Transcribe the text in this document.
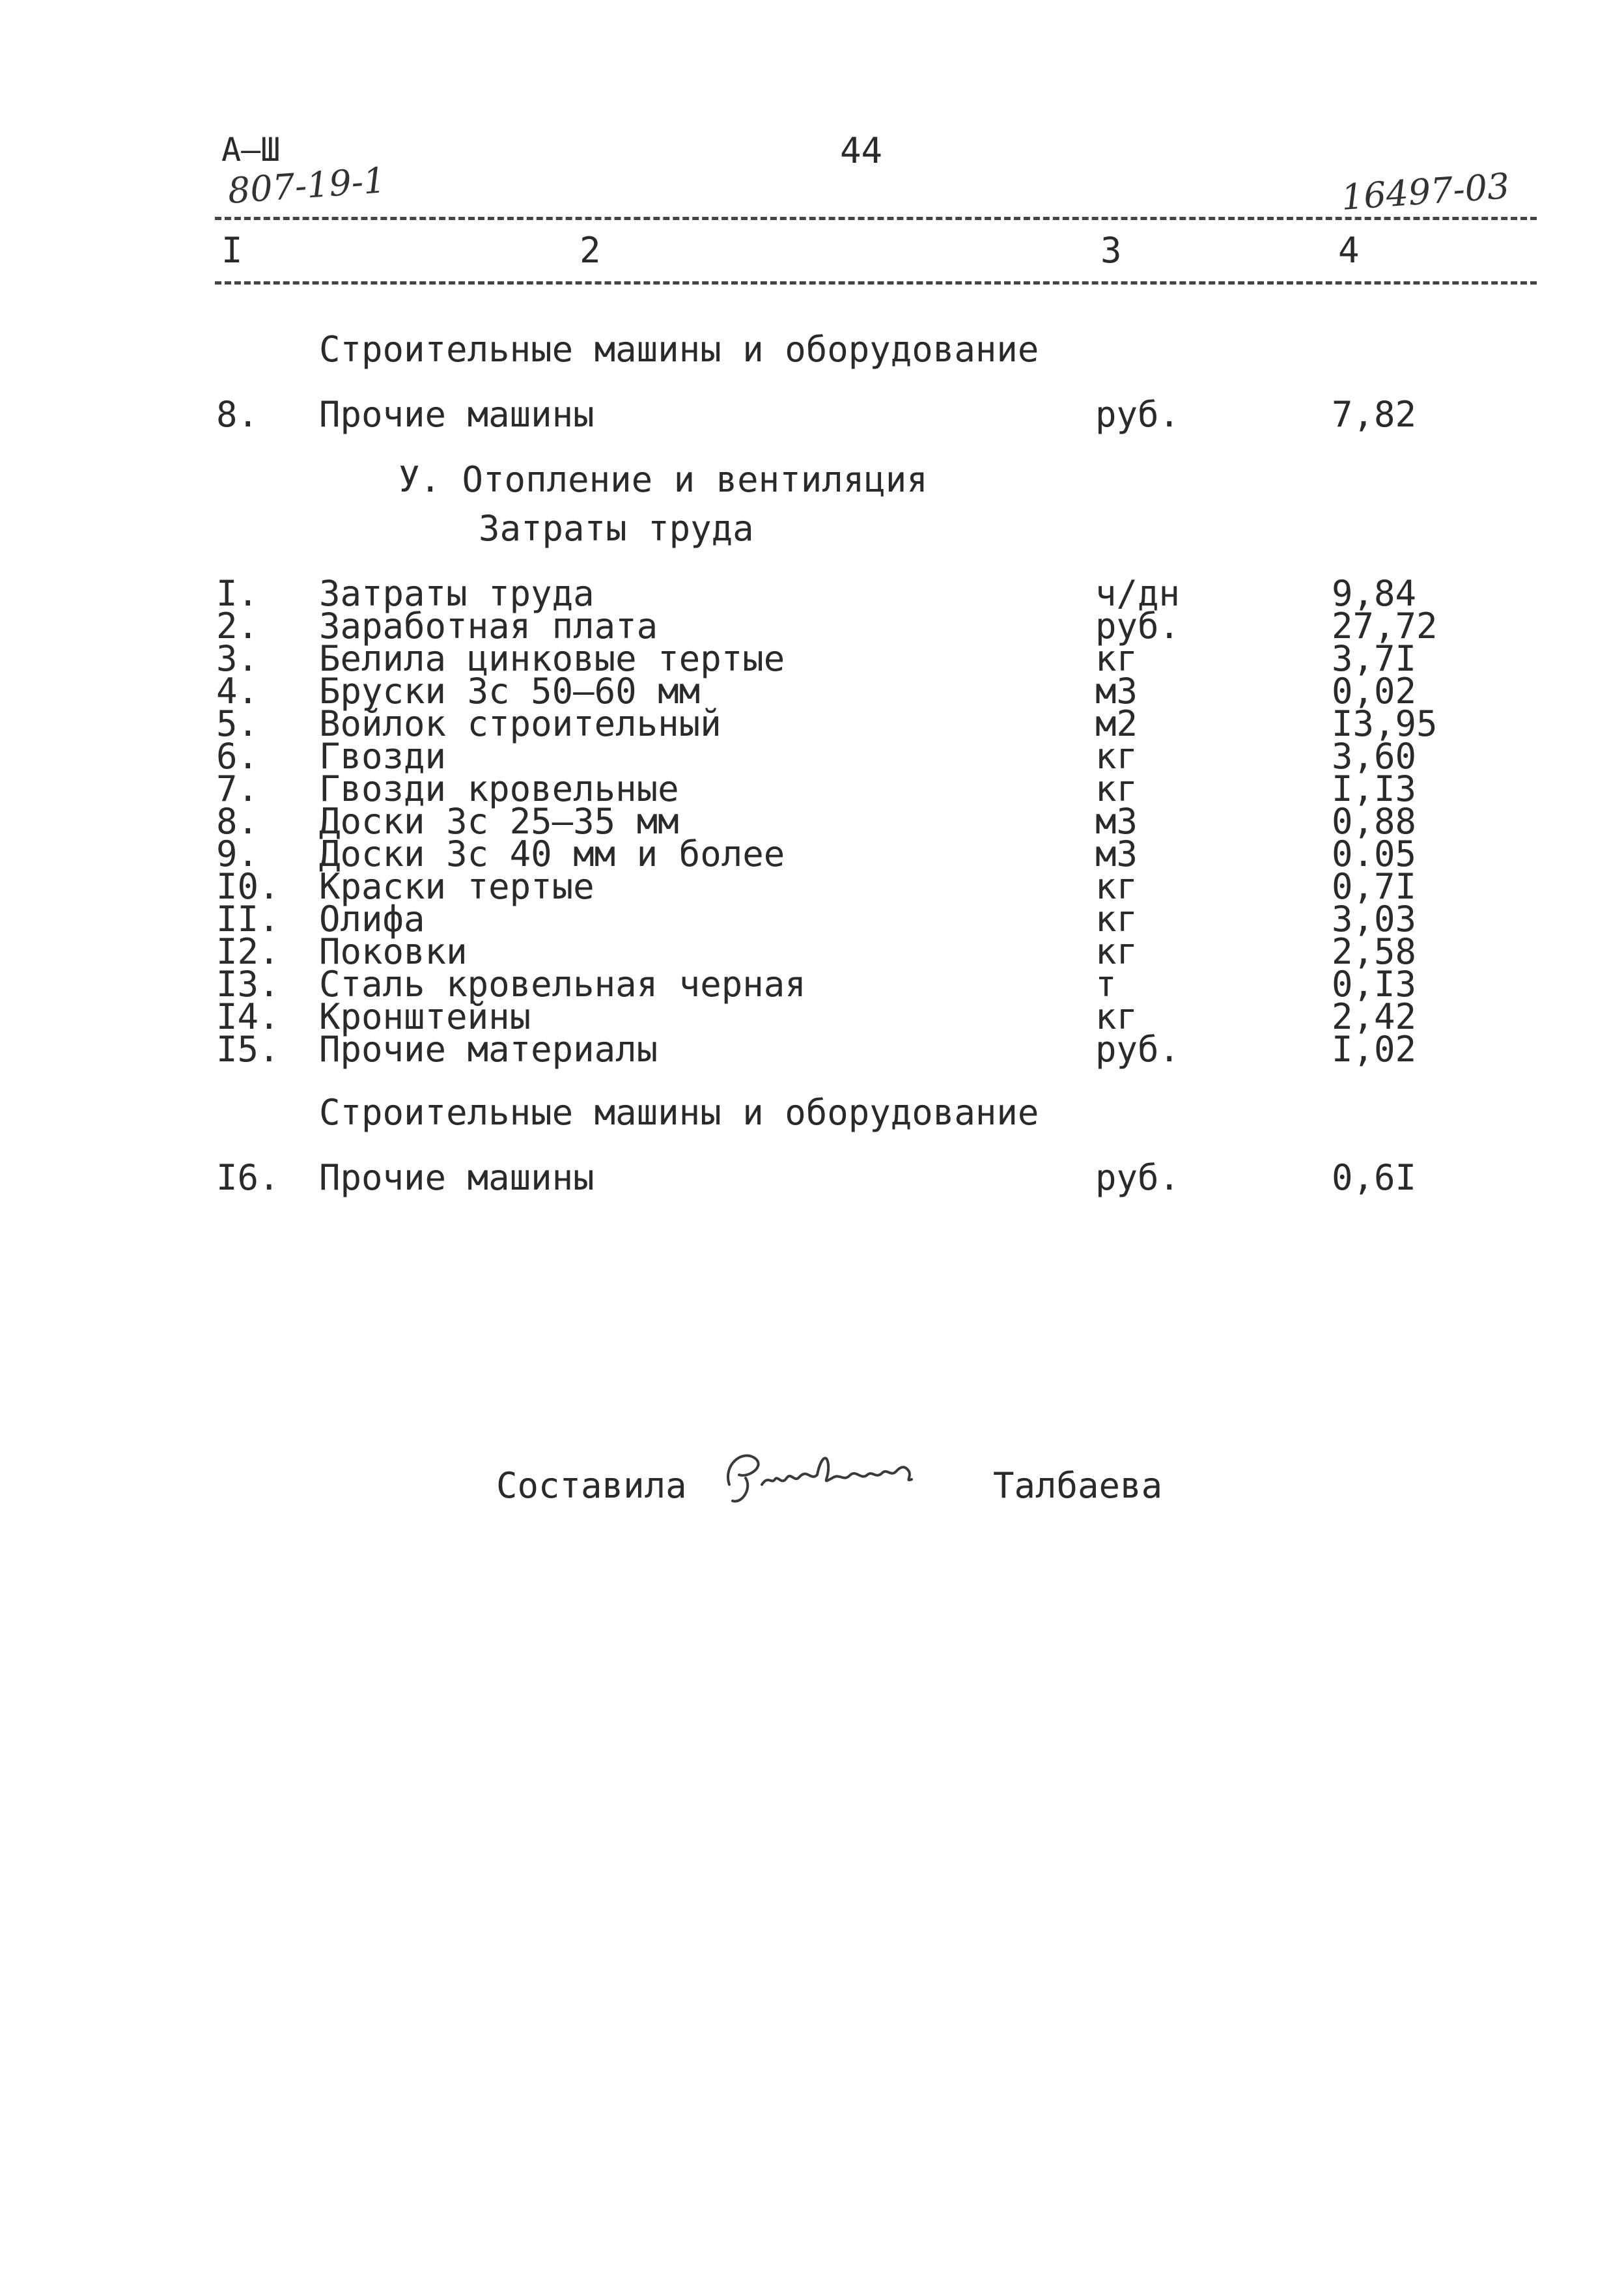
А–Ш	44
807-19-1	16497-03
I	2	3	4
Строительные машины и оборудование
8. Прочие машины	руб.	7,82
У. Отопление и вентиляция
Затраты труда
I. Затраты труда	ч/дн	9,84
2. Заработная плата	руб.	27,72
3. Белила цинковые тертые	кг	3,7I
4. Бруски 3с 50–60 мм	м3	0,02
5. Войлок строительный	м2	I3,95
6. Гвозди	кг	3,60
7. Гвозди кровельные	кг	I,I3
8. Доски 3с 25–35 мм	м3	0,88
9. Доски 3с 40 мм и более	м3	0.05
I0. Краски тертые	кг	0,7I
II. Олифа	кг	3,03
I2. Поковки	кг	2,58
I3. Сталь кровельная черная	т	0,I3
I4. Кронштейны	кг	2,42
I5. Прочие материалы	руб.	I,02
Строительные машины и оборудование
I6. Прочие машины	руб.	0,6I
Составила	Талбаева
